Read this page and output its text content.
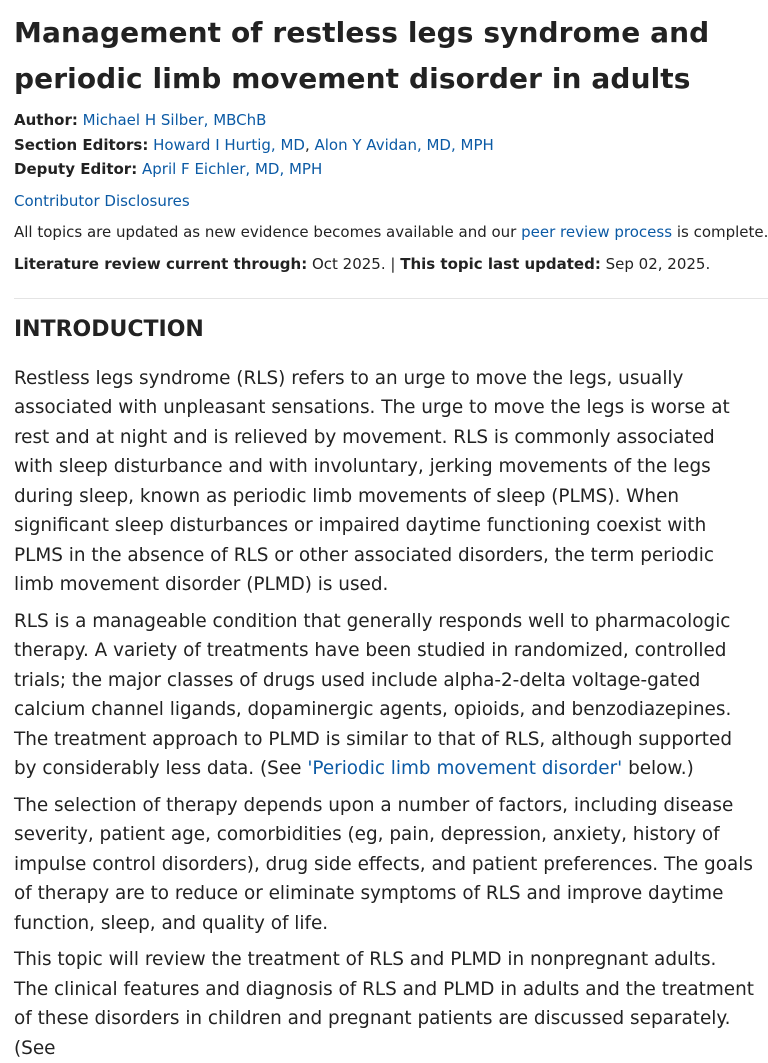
Management of restless legs syndrome and periodic limb movement disorder in adults
Author: Michael H Silber, MBChB
Section Editors: Howard I Hurtig, MD, Alon Y Avidan, MD, MPH
Deputy Editor: April F Eichler, MD, MPH
Contributor Disclosures
All topics are updated as new evidence becomes available and our peer review process is complete.
Literature review current through: Oct 2025. | This topic last updated: Sep 02, 2025.
INTRODUCTION

Restless legs syndrome (RLS) refers to an urge to move the legs, usually associated with unpleasant sensations. The urge to move the legs is worse at rest and at night and is relieved by movement. RLS is commonly associated with sleep disturbance and with involuntary, jerking movements of the legs during sleep, known as periodic limb movements of sleep (PLMS). When significant sleep disturbances or impaired daytime functioning coexist with PLMS in the absence of RLS or other associated disorders, the term periodic limb movement disorder (PLMD) is used.

RLS is a manageable condition that generally responds well to pharmacologic therapy. A variety of treatments have been studied in randomized, controlled trials; the major classes of drugs used include alpha-2-delta voltage-gated calcium channel ligands, dopaminergic agents, opioids, and benzodiazepines. The treatment approach to PLMD is similar to that of RLS, although supported by considerably less data. (See 'Periodic limb movement disorder' below.)

The selection of therapy depends upon a number of factors, including disease severity, patient age, comorbidities (eg, pain, depression, anxiety, history of impulse control disorders), drug side effects, and patient preferences. The goals of therapy are to reduce or eliminate symptoms of RLS and improve daytime function, sleep, and quality of life.

This topic will review the treatment of RLS and PLMD in nonpregnant adults. The clinical features and diagnosis of RLS and PLMD in adults and the treatment of these disorders in children and pregnant patients are discussed separately. (See
